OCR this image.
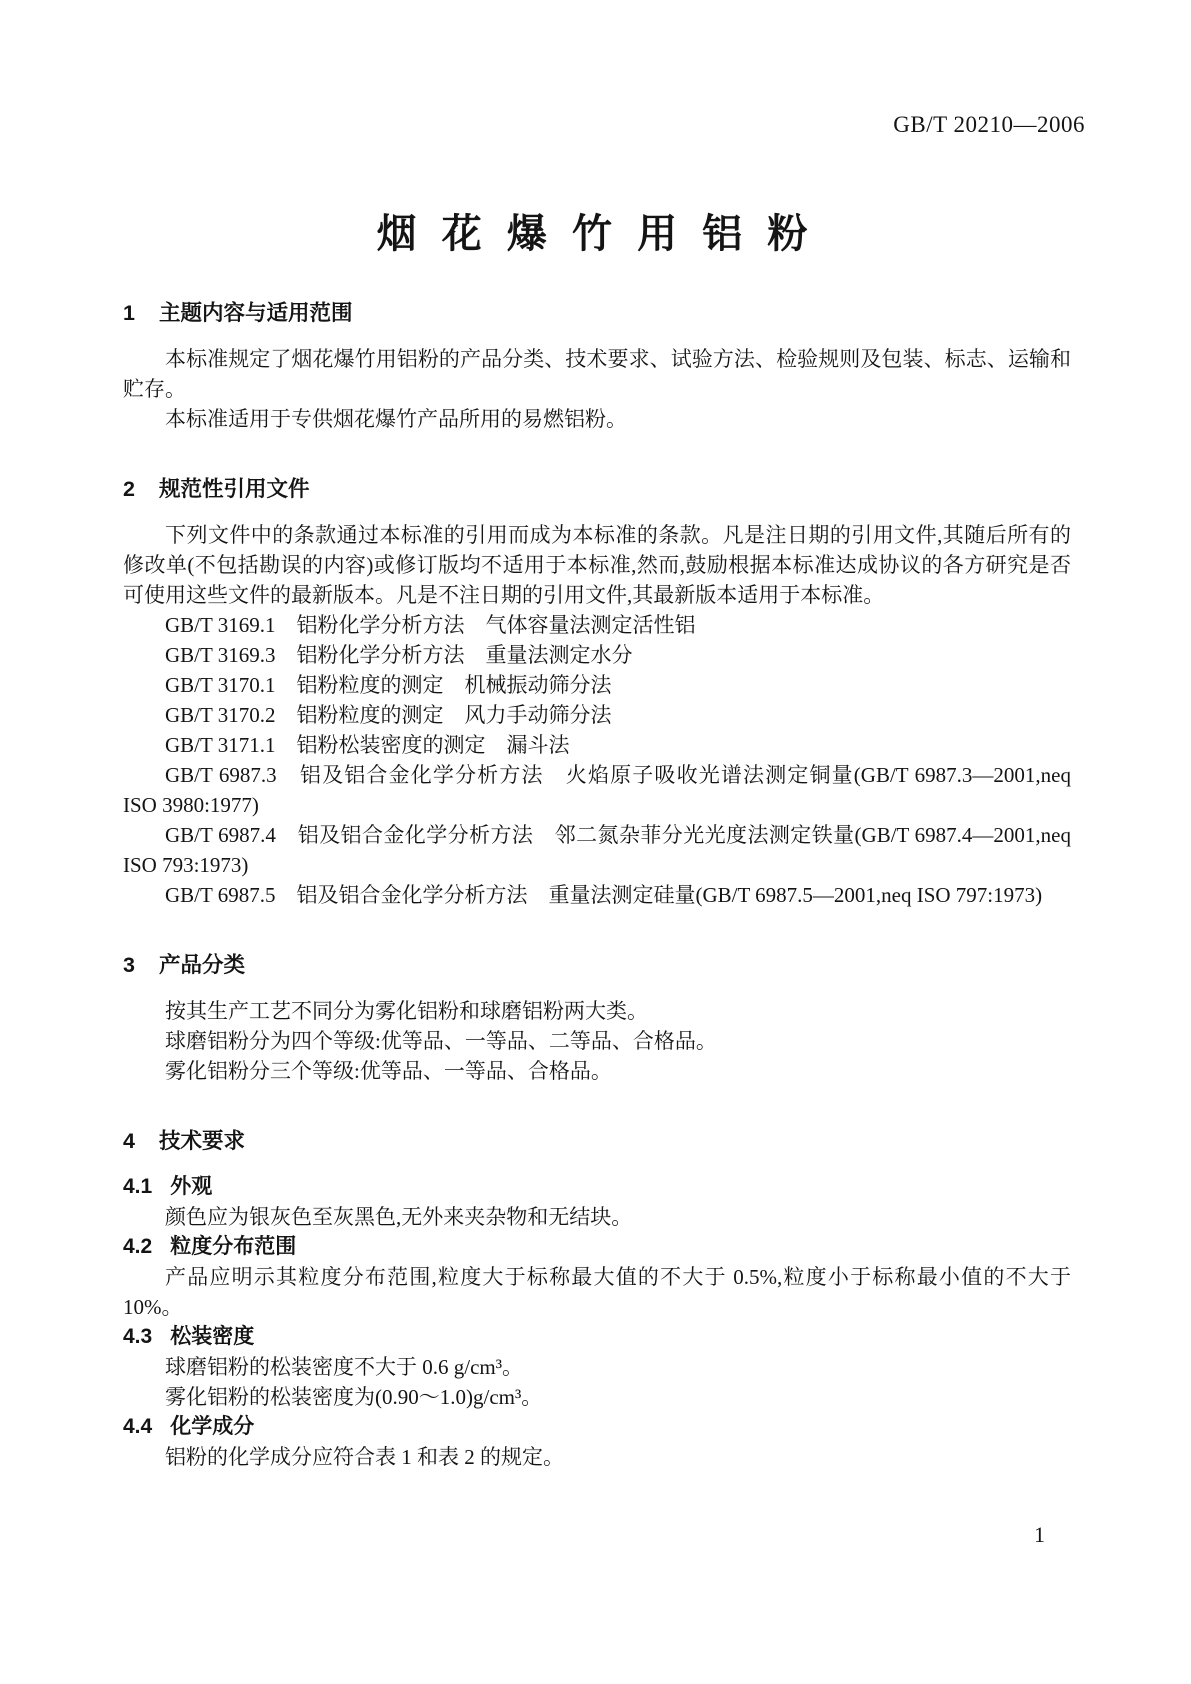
GB/T 20210—2006
烟 花 爆 竹 用 铝 粉
1 主题内容与适用范围

本标准规定了烟花爆竹用铝粉的产品分类、技术要求、试验方法、检验规则及包装、标志、运输和贮存。

本标准适用于专供烟花爆竹产品所用的易燃铝粉。

2 规范性引用文件

下列文件中的条款通过本标准的引用而成为本标准的条款。凡是注日期的引用文件,其随后所有的修改单(不包括勘误的内容)或修订版均不适用于本标准,然而,鼓励根据本标准达成协议的各方研究是否可使用这些文件的最新版本。凡是不注日期的引用文件,其最新版本适用于本标准。

GB/T 3169.1　铝粉化学分析方法　气体容量法测定活性铝

GB/T 3169.3　铝粉化学分析方法　重量法测定水分

GB/T 3170.1　铝粉粒度的测定　机械振动筛分法

GB/T 3170.2　铝粉粒度的测定　风力手动筛分法

GB/T 3171.1　铝粉松装密度的测定　漏斗法

GB/T 6987.3　铝及铝合金化学分析方法　火焰原子吸收光谱法测定铜量(GB/T 6987.3—2001,neq ISO 3980:1977)

GB/T 6987.4　铝及铝合金化学分析方法　邻二氮杂菲分光光度法测定铁量(GB/T 6987.4—2001,neq ISO 793:1973)

GB/T 6987.5　铝及铝合金化学分析方法　重量法测定硅量(GB/T 6987.5—2001,neq ISO 797:1973)

3 产品分类

按其生产工艺不同分为雾化铝粉和球磨铝粉两大类。

球磨铝粉分为四个等级:优等品、一等品、二等品、合格品。

雾化铝粉分三个等级:优等品、一等品、合格品。

4 技术要求
4.1 外观

颜色应为银灰色至灰黑色,无外来夹杂物和无结块。

4.2 粒度分布范围

产品应明示其粒度分布范围,粒度大于标称最大值的不大于 0.5%,粒度小于标称最小值的不大于 10%。

4.3 松装密度

球磨铝粉的松装密度不大于 0.6 g/cm³。

雾化铝粉的松装密度为(0.90～1.0)g/cm³。

4.4 化学成分

铝粉的化学成分应符合表 1 和表 2 的规定。

1
